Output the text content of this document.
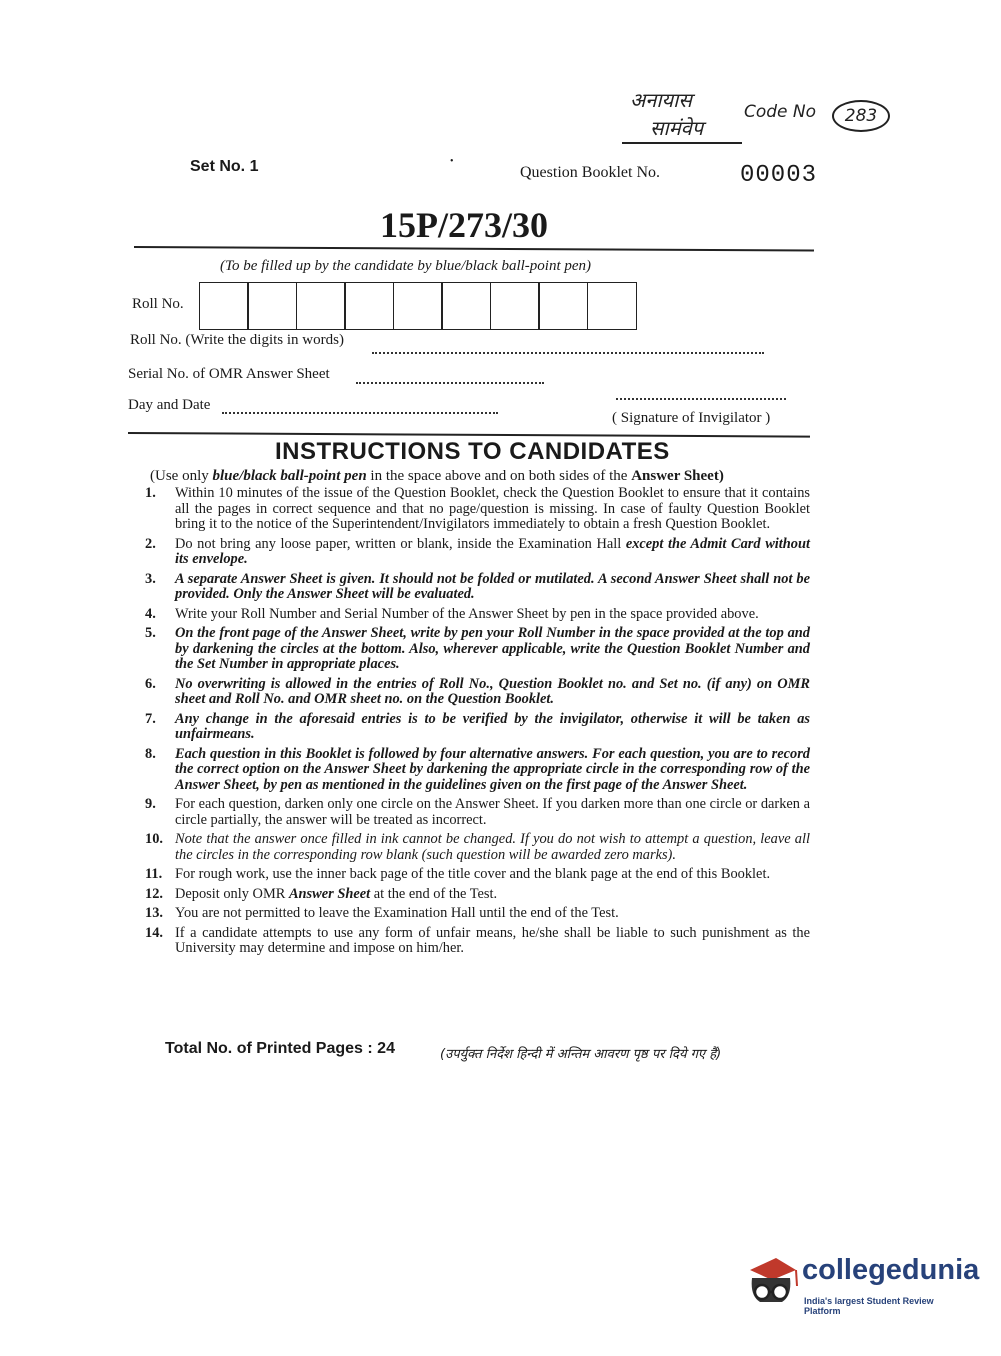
अनायास
सामंवेप
Code No	283
Set No. 1	•
Question Booklet No.	00003
15P/273/30
(To be filled up by the candidate by blue/black ball-point pen)
Roll No.
Roll No. (Write the digits in words)
Serial No. of OMR Answer Sheet
Day and Date
( Signature of Invigilator )
INSTRUCTIONS TO CANDIDATES
(Use only blue/black ball-point pen in the space above and on both sides of the Answer Sheet)
1.	Within 10 minutes of the issue of the Question Booklet, check the Question Booklet to ensure that it contains all the pages in correct sequence and that no page/question is missing. In case of faulty Question Booklet bring it to the notice of the Superintendent/Invigilators immediately to obtain a fresh Question Booklet.
2.	Do not bring any loose paper, written or blank, inside the Examination Hall except the Admit Card without its envelope.
3.	A separate Answer Sheet is given. It should not be folded or mutilated. A second Answer Sheet shall not be provided. Only the Answer Sheet will be evaluated.
4.	Write your Roll Number and Serial Number of the Answer Sheet by pen in the space provided above.
5.	On the front page of the Answer Sheet, write by pen your Roll Number in the space provided at the top and by darkening the circles at the bottom. Also, wherever applicable, write the Question Booklet Number and the Set Number in appropriate places.
6.	No overwriting is allowed in the entries of Roll No., Question Booklet no. and Set no. (if any) on OMR sheet and Roll No. and OMR sheet no. on the Question Booklet.
7.	Any change in the aforesaid entries is to be verified by the invigilator, otherwise it will be taken as unfairmeans.
8.	Each question in this Booklet is followed by four alternative answers. For each question, you are to record the correct option on the Answer Sheet by darkening the appropriate circle in the corresponding row of the Answer Sheet, by pen as mentioned in the guidelines given on the first page of the Answer Sheet.
9.	For each question, darken only one circle on the Answer Sheet. If you darken more than one circle or darken a circle partially, the answer will be treated as incorrect.
10. Note that the answer once filled in ink cannot be changed. If you do not wish to attempt a question, leave all the circles in the corresponding row blank (such question will be awarded zero marks).
11. For rough work, use the inner back page of the title cover and the blank page at the end of this Booklet.
12. Deposit only OMR Answer Sheet at the end of the Test.
13. You are not permitted to leave the Examination Hall until the end of the Test.
14. If a candidate attempts to use any form of unfair means, he/she shall be liable to such punishment as the University may determine and impose on him/her.
Total No. of Printed Pages : 24	(उपर्युक्त निर्देश हिन्दी में अन्तिम आवरण पृष्ठ पर दिये गए हैं)
collegedunia
India's largest Student Review Platform
